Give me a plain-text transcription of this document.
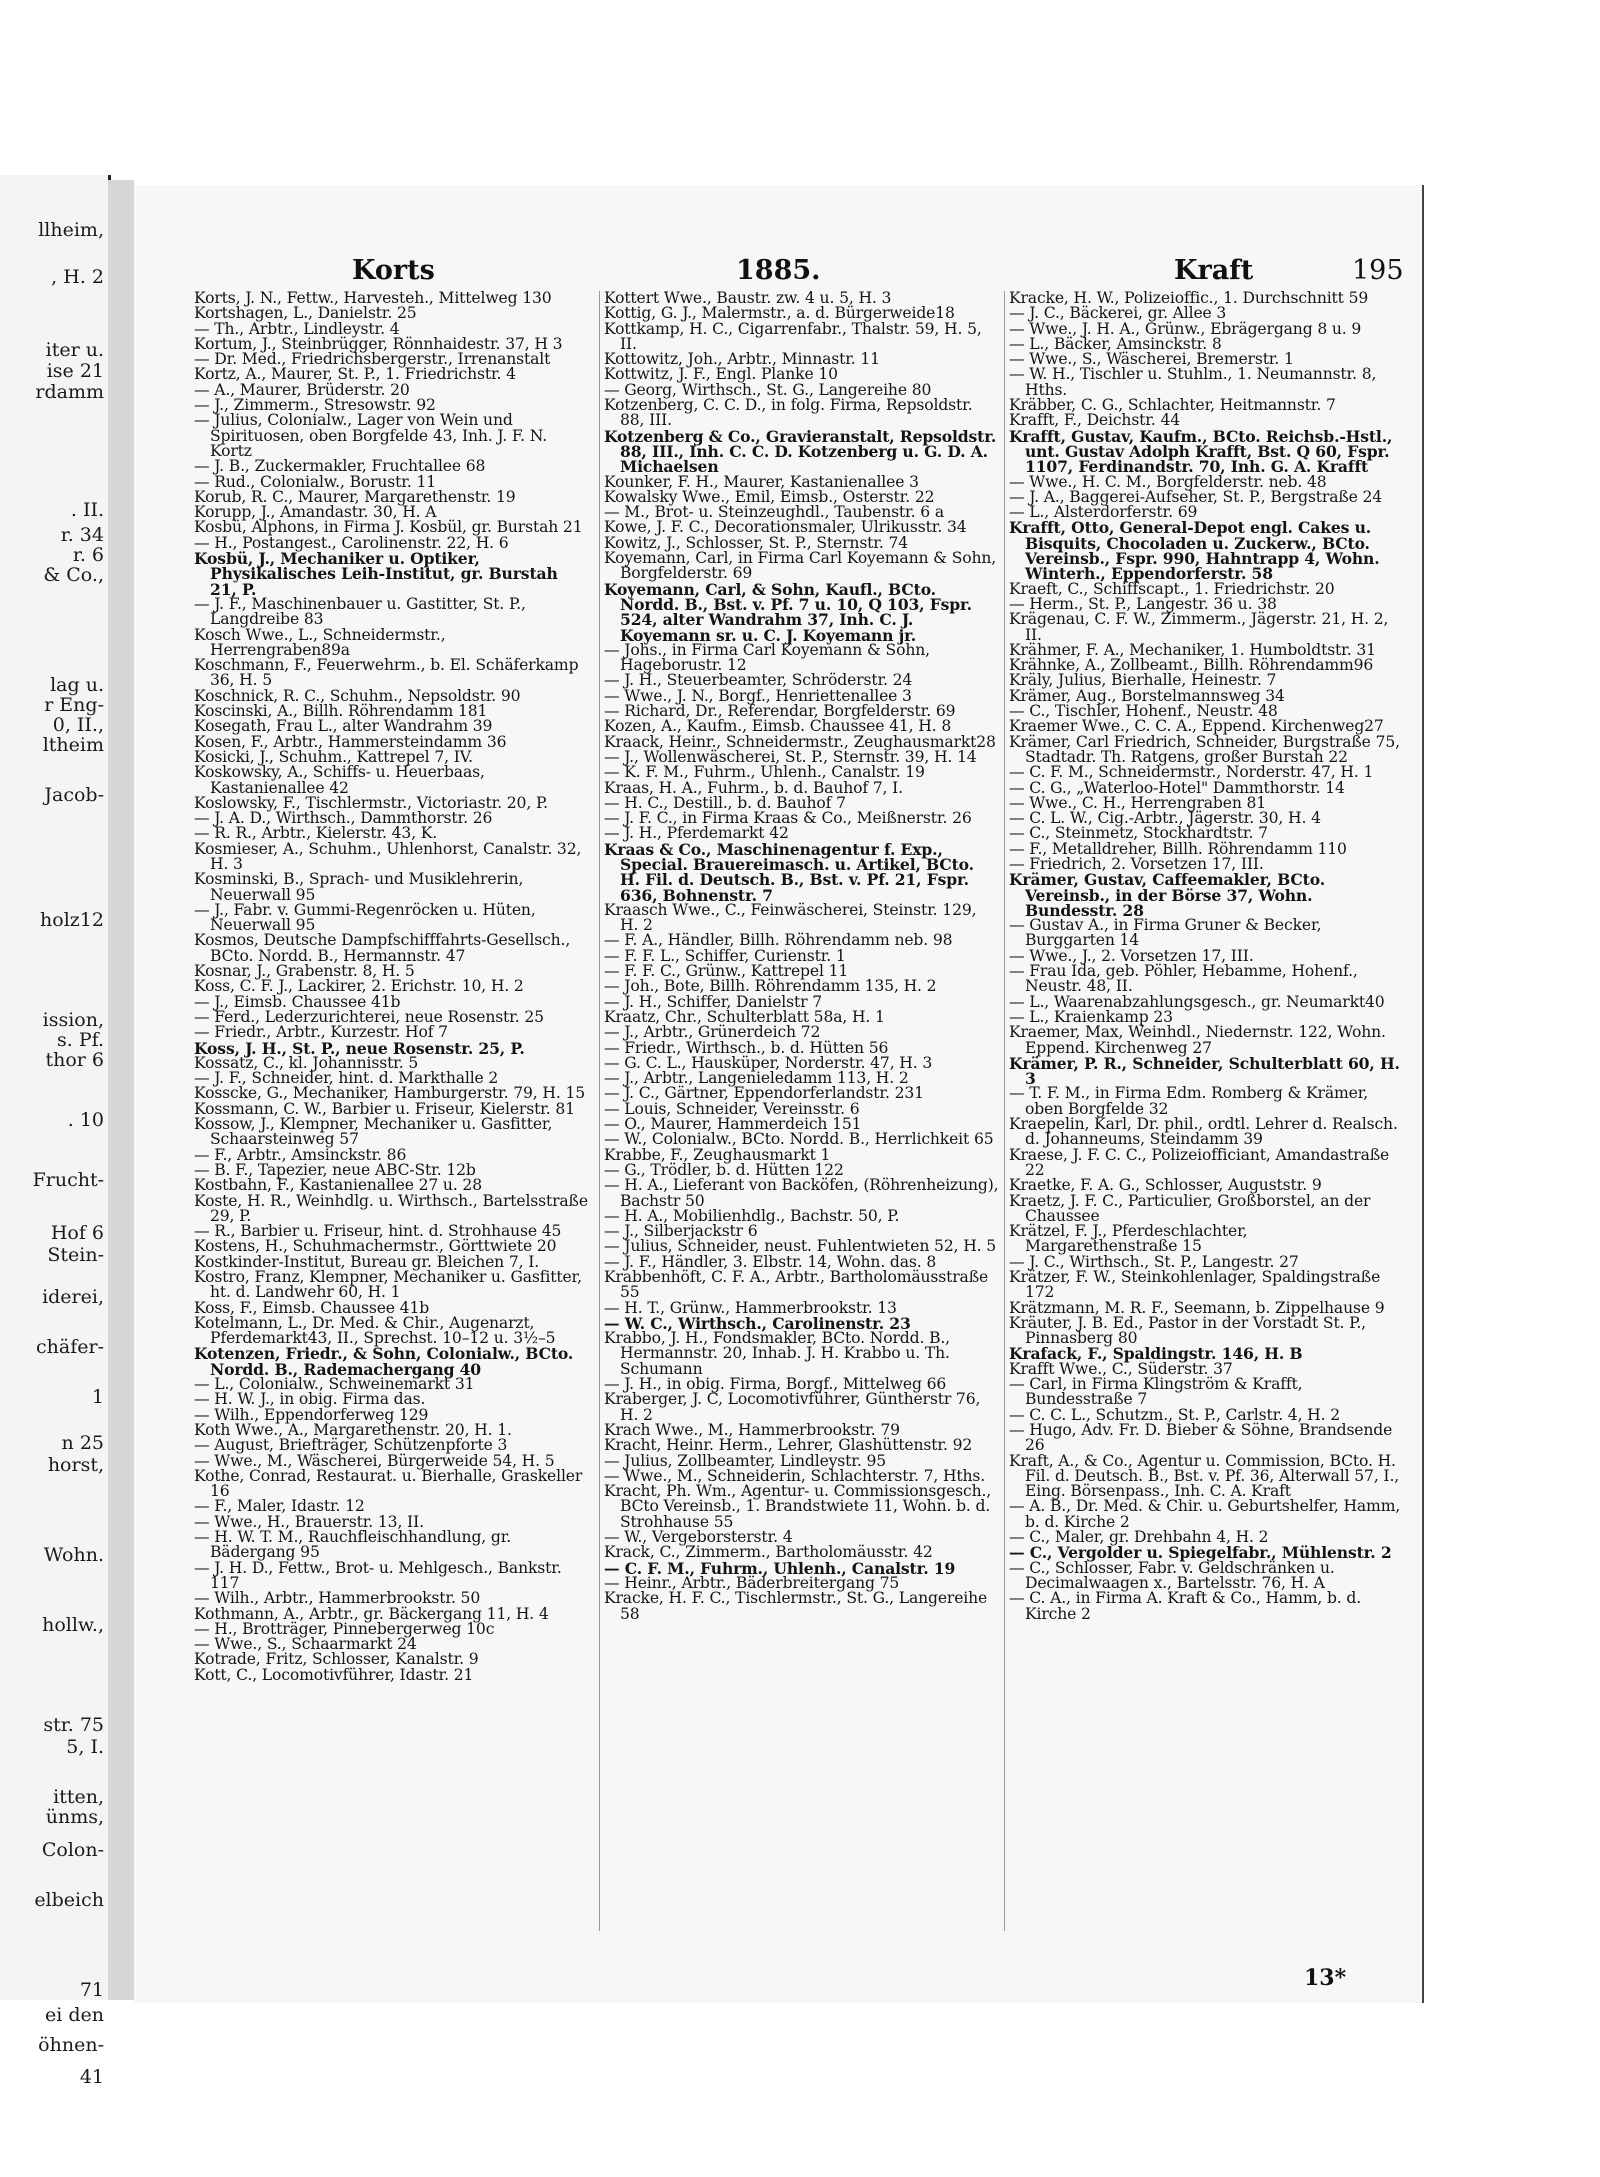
llheim,
, H. 2
iter u.
ise 21
rdamm
. II.
r. 34
r. 6
& Co.,
lag u.
r Eng-
0, II.,
ltheim
Jacob-
holz12
ission,
s. Pf.
thor 6
. 10
Frucht-
Hof 6
Stein-
iderei,
chäfer-
1
n 25
horst,
Wohn.
hollw.,
str. 75
5, I.
itten,
ünms,
Colon-
elbeich
71
ei den
öhnen-
41
Korts	1885.	Kraft	195

Korts, J. N., Fettw., Harvesteh., Mittelweg 130

Kortshagen, L., Danielstr. 25

— Th., Arbtr., Lindleystr. 4

Kortum, J., Steinbrügger, Rönnhaidestr. 37, H 3

— Dr. Med., Friedrichsbergerstr., Irrenanstalt

Kortz, A., Maurer, St. P., 1. Friedrichstr. 4

— A., Maurer, Brüderstr. 20

— J., Zimmerm., Stresowstr. 92

— Julius, Colonialw., Lager von Wein und Spirituosen, oben Borgfelde 43, Inh. J. F. N. Kortz

— J. B., Zuckermakler, Fruchtallee 68

— Rud., Colonialw., Borustr. 11

Korub, R. C., Maurer, Margarethenstr. 19

Korupp, J., Amandastr. 30, H. A

Kosbü, Alphons, in Firma J. Kosbül, gr. Burstah 21

— H., Postangest., Carolinenstr. 22, H. 6

Kosbü, J., Mechaniker u. Optiker, Physikalisches Leih-Institut, gr. Burstah 21, P.

— J. F., Maschinenbauer u. Gastitter, St. P., Langdreibe 83

Kosch Wwe., L., Schneidermstr., Herrengraben89a

Koschmann, F., Feuerwehrm., b. El. Schäferkamp 36, H. 5

Koschnick, R. C., Schuhm., Nepsoldstr. 90

Koscinski, A., Billh. Röhrendamm 181

Kosegath, Frau L., alter Wandrahm 39

Kosen, F., Arbtr., Hammersteindamm 36

Kosicki, J., Schuhm., Kattrepel 7, IV.

Koskowsky, A., Schiffs- u. Heuerbaas, Kastanienallee 42

Koslowsky, F., Tischlermstr., Victoriastr. 20, P.

— J. A. D., Wirthsch., Dammthorstr. 26

— R. R., Arbtr., Kielerstr. 43, K.

Kosmieser, A., Schuhm., Uhlenhorst, Canalstr. 32, H. 3

Kosminski, B., Sprach- und Musiklehrerin, Neuerwall 95

— J., Fabr. v. Gummi-Regenröcken u. Hüten, Neuerwall 95

Kosmos, Deutsche Dampfschifffahrts-Gesellsch., BCto. Nordd. B., Hermannstr. 47

Kosnar, J., Grabenstr. 8, H. 5

Koss, C. F. J., Lackirer, 2. Erichstr. 10, H. 2

— J., Eimsb. Chaussee 41b

— Ferd., Lederzurichterei, neue Rosenstr. 25

— Friedr., Arbtr., Kurzestr. Hof 7

Koss, J. H., St. P., neue Rosenstr. 25, P.

Kossatz, C., kl. Johannisstr. 5

— J. F., Schneider, hint. d. Markthalle 2

Kosscke, G., Mechaniker, Hamburgerstr. 79, H. 15

Kossmann, C. W., Barbier u. Friseur, Kielerstr. 81

Kossow, J., Klempner, Mechaniker u. Gasfitter, Schaarsteinweg 57

— F., Arbtr., Amsinckstr. 86

— B. F., Tapezier, neue ABC-Str. 12b

Kostbahn, F., Kastanienallee 27 u. 28

Koste, H. R., Weinhdlg. u. Wirthsch., Bartelsstraße 29, P.

— R., Barbier u. Friseur, hint. d. Strohhause 45

Kostens, H., Schuhmachermstr., Görttwiete 20

Kostkinder-Institut, Bureau gr. Bleichen 7, I.

Kostro, Franz, Klempner, Mechaniker u. Gasfitter, ht. d. Landwehr 60, H. 1

Koss, F., Eimsb. Chaussee 41b

Kotelmann, L., Dr. Med. & Chir., Augenarzt, Pferdemarkt43, II., Sprechst. 10–12 u. 3½–5

Kotenzen, Friedr., & Sohn, Colonialw., BCto. Nordd. B., Rademachergang 40

— L., Colonialw., Schweinemarkt 31

— H. W. J., in obig. Firma das.

— Wilh., Eppendorferweg 129

Koth Wwe., A., Margarethenstr. 20, H. 1.

— August, Briefträger, Schützenpforte 3

— Wwe., M., Wäscherei, Bürgerweide 54, H. 5

Kothe, Conrad, Restaurat. u. Bierhalle, Graskeller 16

— F., Maler, Idastr. 12

— Wwe., H., Brauerstr. 13, II.

— H. W. T. M., Rauchfleischhandlung, gr. Bädergang 95

— J. H. D., Fettw., Brot- u. Mehlgesch., Bankstr. 117

— Wilh., Arbtr., Hammerbrookstr. 50

Kothmann, A., Arbtr., gr. Bäckergang 11, H. 4

— H., Brotträger, Pinnebergerweg 10c

— Wwe., S., Schaarmarkt 24

Kotrade, Fritz, Schlosser, Kanalstr. 9

Kott, C., Locomotivführer, Idastr. 21

Kottert Wwe., Baustr. zw. 4 u. 5, H. 3

Kottig, G. J., Malermstr., a. d. Bürgerweide18

Kottkamp, H. C., Cigarrenfabr., Thalstr. 59, H. 5, II.

Kottowitz, Joh., Arbtr., Minnastr. 11

Kottwitz, J. F., Engl. Planke 10

— Georg, Wirthsch., St. G., Langereihe 80

Kotzenberg, C. C. D., in folg. Firma, Repsoldstr. 88, III.

Kotzenberg & Co., Gravieranstalt, Repsoldstr. 88, III., Inh. C. C. D. Kotzenberg u. G. D. A. Michaelsen

Kounker, F. H., Maurer, Kastanienallee 3

Kowalsky Wwe., Emil, Eimsb., Osterstr. 22

— M., Brot- u. Steinzeughdl., Taubenstr. 6 a

Kowe, J. F. C., Decorationsmaler, Ulrikusstr. 34

Kowitz, J., Schlosser, St. P., Sternstr. 74

Koyemann, Carl, in Firma Carl Koyemann & Sohn, Borgfelderstr. 69

Koyemann, Carl, & Sohn, Kaufl., BCto. Nordd. B., Bst. v. Pf. 7 u. 10, Q 103, Fspr. 524, alter Wandrahm 37, Inh. C. J. Koyemann sr. u. C. J. Koyemann jr.

— Johs., in Firma Carl Koyemann & Sohn, Hageborustr. 12

— J. H., Steuerbeamter, Schröderstr. 24

— Wwe., J. N., Borgf., Henriettenallee 3

— Richard, Dr., Referendar, Borgfelderstr. 69

Kozen, A., Kaufm., Eimsb. Chaussee 41, H. 8

Kraack, Heinr., Schneidermstr., Zeughausmarkt28

— J., Wollenwäscherei, St. P., Sternstr. 39, H. 14

— K. F. M., Fuhrm., Uhlenh., Canalstr. 19

Kraas, H. A., Fuhrm., b. d. Bauhof 7, I.

— H. C., Destill., b. d. Bauhof 7

— J. F. C., in Firma Kraas & Co., Meißnerstr. 26

— J. H., Pferdemarkt 42

Kraas & Co., Maschinenagentur f. Exp., Special. Brauereimasch. u. Artikel, BCto. H. Fil. d. Deutsch. B., Bst. v. Pf. 21, Fspr. 636, Bohnenstr. 7

Kraasch Wwe., C., Feinwäscherei, Steinstr. 129, H. 2

— F. A., Händler, Billh. Röhrendamm neb. 98

— F. F. L., Schiffer, Curienstr. 1

— F. F. C., Grünw., Kattrepel 11

— Joh., Bote, Billh. Röhrendamm 135, H. 2

— J. H., Schiffer, Danielstr 7

Kraatz, Chr., Schulterblatt 58a, H. 1

— J., Arbtr., Grünerdeich 72

— Friedr., Wirthsch., b. d. Hütten 56

— G. C. L., Hausküper, Norderstr. 47, H. 3

— J., Arbtr., Langenieledamm 113, H. 2

— J. C., Gärtner, Eppendorferlandstr. 231

— Louis, Schneider, Vereinsstr. 6

— O., Maurer, Hammerdeich 151

— W., Colonialw., BCto. Nordd. B., Herrlichkeit 65

Krabbe, F., Zeughausmarkt 1

— G., Trödler, b. d. Hütten 122

— H. A., Lieferant von Backöfen, (Röhrenheizung), Bachstr 50

— H. A., Mobilienhdlg., Bachstr. 50, P.

— J., Silberjackstr 6

— Julius, Schneider, neust. Fuhlentwieten 52, H. 5

— J. F., Händler, 3. Elbstr. 14, Wohn. das. 8

Krabbenhöft, C. F. A., Arbtr., Bartholomäusstraße 55

— H. T., Grünw., Hammerbrookstr. 13

— W. C., Wirthsch., Carolinenstr. 23

Krabbo, J. H., Fondsmakler, BCto. Nordd. B., Hermannstr. 20, Inhab. J. H. Krabbo u. Th. Schumann

— J. H., in obig. Firma, Borgf., Mittelweg 66

Kraberger, J. C, Locomotivführer, Güntherstr 76, H. 2

Krach Wwe., M., Hammerbrookstr. 79

Kracht, Heinr. Herm., Lehrer, Glashüttenstr. 92

— Julius, Zollbeamter, Lindleystr. 95

— Wwe., M., Schneiderin, Schlachterstr. 7, Hths.

Kracht, Ph. Wm., Agentur- u. Commissionsgesch., BCto Vereinsb., 1. Brandstwiete 11, Wohn. b. d. Strohhause 55

— W., Vergeborsterstr. 4

Krack, C., Zimmerm., Bartholomäusstr. 42

— C. F. M., Fuhrm., Uhlenh., Canalstr. 19

— Heinr., Arbtr., Bäderbreitergang 75

Kracke, H. F. C., Tischlermstr., St. G., Langereihe 58

Kracke, H. W., Polizeioffic., 1. Durchschnitt 59

— J. C., Bäckerei, gr. Allee 3

— Wwe., J. H. A., Grünw., Ebrägergang 8 u. 9

— L., Bäcker, Amsinckstr. 8

— Wwe., S., Wäscherei, Bremerstr. 1

— W. H., Tischler u. Stuhlm., 1. Neumannstr. 8, Hths.

Kräbber, C. G., Schlachter, Heitmannstr. 7

Krafft, F., Deichstr. 44

Krafft, Gustav, Kaufm., BCto. Reichsb.-Hstl., unt. Gustav Adolph Krafft, Bst. Q 60, Fspr. 1107, Ferdinandstr. 70, Inh. G. A. Krafft

— Wwe., H. C. M., Borgfelderstr. neb. 48

— J. A., Baggerei-Aufseher, St. P., Bergstraße 24

— L., Alsterdorferstr. 69

Krafft, Otto, General-Depot engl. Cakes u. Bisquits, Chocoladen u. Zuckerw., BCto. Vereinsb., Fspr. 990, Hahntrapp 4, Wohn. Winterh., Eppendorferstr. 58

Kraeft, C., Schiffscapt., 1. Friedrichstr. 20

— Herm., St. P., Langestr. 36 u. 38

Krägenau, C. F. W., Zimmerm., Jägerstr. 21, H. 2, II.

Krähmer, F. A., Mechaniker, 1. Humboldtstr. 31

Krähnke, A., Zollbeamt., Billh. Röhrendamm96

Kräly, Julius, Bierhalle, Heinestr. 7

Krämer, Aug., Borstelmannsweg 34

— C., Tischler, Hohenf., Neustr. 48

Kraemer Wwe., C. C. A., Eppend. Kirchenweg27

Krämer, Carl Friedrich, Schneider, Burgstraße 75, Stadtadr. Th. Ratgens, großer Burstah 22

— C. F. M., Schneidermstr., Norderstr. 47, H. 1

— C. G., „Waterloo-Hotel" Dammthorstr. 14

— Wwe., C. H., Herrengraben 81

— C. L. W., Cig.-Arbtr., Jägerstr. 30, H. 4

— C., Steinmetz, Stockhardtstr. 7

— F., Metalldreher, Billh. Röhrendamm 110

— Friedrich, 2. Vorsetzen 17, III.

Krämer, Gustav, Caffeemakler, BCto. Vereinsb., in der Börse 37, Wohn. Bundesstr. 28

— Gustav A., in Firma Gruner & Becker, Burggarten 14

— Wwe., J., 2. Vorsetzen 17, III.

— Frau Ida, geb. Pöhler, Hebamme, Hohenf., Neustr. 48, II.

— L., Waarenabzahlungsgesch., gr. Neumarkt40

— L., Kraienkamp 23

Kraemer, Max, Weinhdl., Niedernstr. 122, Wohn. Eppend. Kirchenweg 27

Krämer, P. R., Schneider, Schulterblatt 60, H. 3

— T. F. M., in Firma Edm. Romberg & Krämer, oben Borgfelde 32

Kraepelin, Karl, Dr. phil., ordtl. Lehrer d. Realsch. d. Johanneums, Steindamm 39

Kraese, J. F. C. C., Polizeiofficiant, Amandastraße 22

Kraetke, F. A. G., Schlosser, Auguststr. 9

Kraetz, J. F. C., Particulier, Großborstel, an der Chaussee

Krätzel, F. J., Pferdeschlachter, Margarethenstraße 15

— J. C., Wirthsch., St. P., Langestr. 27

Krätzer, F. W., Steinkohlenlager, Spaldingstraße 172

Krätzmann, M. R. F., Seemann, b. Zippelhause 9

Kräuter, J. B. Ed., Pastor in der Vorstadt St. P., Pinnasberg 80

Krafack, F., Spaldingstr. 146, H. B

Krafft Wwe., C., Süderstr. 37

— Carl, in Firma Klingström & Krafft, Bundesstraße 7

— C. C. L., Schutzm., St. P., Carlstr. 4, H. 2

— Hugo, Adv. Fr. D. Bieber & Söhne, Brandsende 26

Kraft, A., & Co., Agentur u. Commission, BCto. H. Fil. d. Deutsch. B., Bst. v. Pf. 36, Alterwall 57, I., Eing. Börsenpass., Inh. C. A. Kraft

— A. B., Dr. Med. & Chir. u. Geburtshelfer, Hamm, b. d. Kirche 2

— C., Maler, gr. Drehbahn 4, H. 2

— C., Vergolder u. Spiegelfabr., Mühlenstr. 2

— C., Schlosser, Fabr. v. Geldschränken u. Decimalwaagen x., Bartelsstr. 76, H. A

— C. A., in Firma A. Kraft & Co., Hamm, b. d. Kirche 2

13*
